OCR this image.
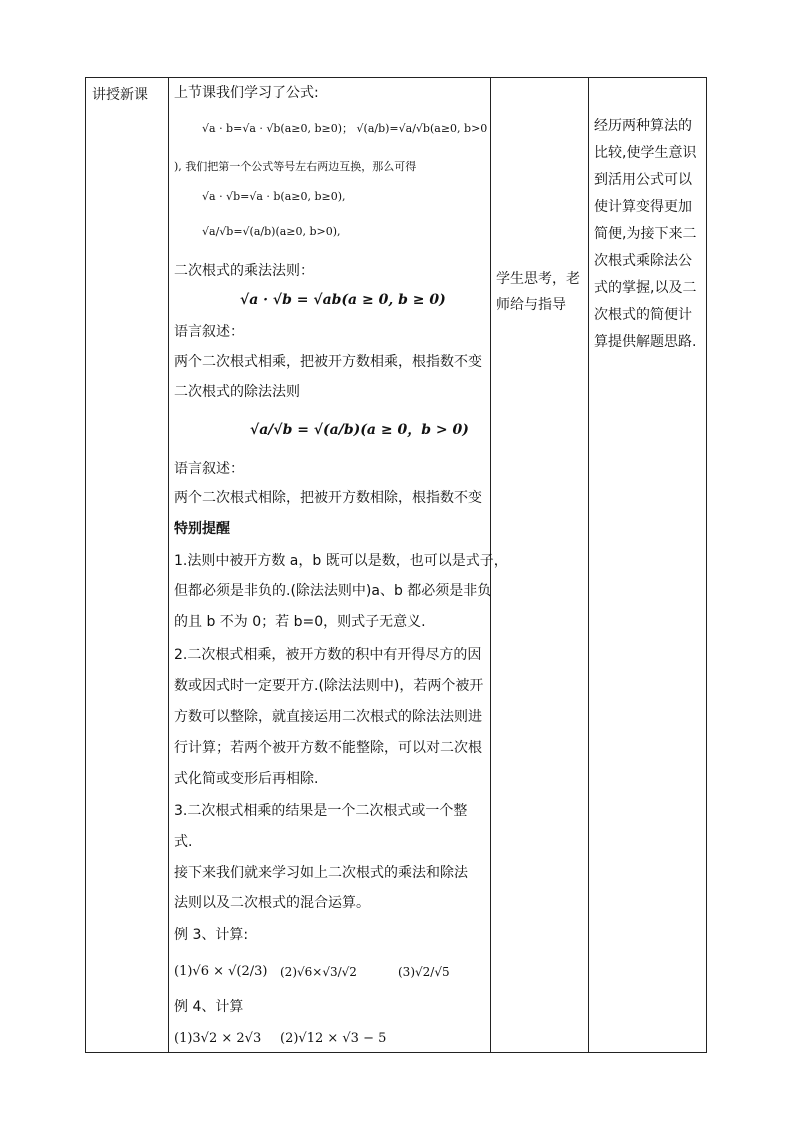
讲授新课	上节课我们学习了公式:
√a · b=√a · √b(a≥0, b≥0)； √(a/b)=√a/√b(a≥0, b>0
), 我们把第一个公式等号左右两边互换，那么可得
√a · √b=√a · b(a≥0, b≥0),
√a/√b=√(a/b)(a≥0, b>0),
二次根式的乘法法则：
√a · √b = √ab(a ≥ 0, b ≥ 0)
语言叙述：
两个二次根式相乘，把被开方数相乘，根指数不变
二次根式的除法法则
√a/√b = √(a/b)(a ≥ 0，b > 0)
语言叙述：
两个二次根式相除，把被开方数相除，根指数不变
特别提醒
1.法则中被开方数 a，b 既可以是数，也可以是式子，
但都必须是非负的.(除法法则中)a、b 都必须是非负
的且 b 不为 0；若 b=0，则式子无意义.
2.二次根式相乘，被开方数的积中有开得尽方的因
数或因式时一定要开方.(除法法则中)，若两个被开
方数可以整除，就直接运用二次根式的除法法则进
行计算；若两个被开方数不能整除，可以对二次根
式化简或变形后再相除.
3.二次根式相乘的结果是一个二次根式或一个整
式.
接下来我们就来学习如上二次根式的乘法和除法
法则以及二次根式的混合运算。
例 3、计算:
(1)√6 × √(2/3) (2)√6×√3/√2	(3)√2/√5
例 4、计算
(1)3√2 × 2√3 (2)√12 × √3 − 5
学生思考，老师给与指导
经历两种算法的比较,使学生意识到活用公式可以使计算变得更加简便,为接下来二次根式乘除法公式的掌握,以及二次根式的简便计算提供解题思路.
